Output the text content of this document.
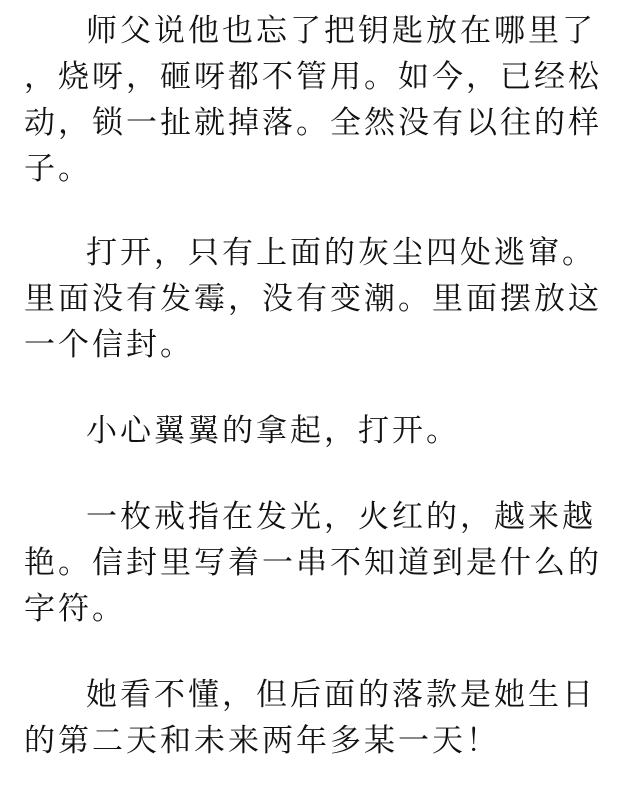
师父说他也忘了把钥匙放在哪里了，烧呀，砸呀都不管用。如今，已经松动，锁一扯就掉落。全然没有以往的样子。

打开，只有上面的灰尘四处逃窜。里面没有发霉，没有变潮。里面摆放这一个信封。

小心翼翼的拿起，打开。

一枚戒指在发光，火红的，越来越艳。信封里写着一串不知道到是什么的字符。

她看不懂，但后面的落款是她生日的第二天和未来两年多某一天！
